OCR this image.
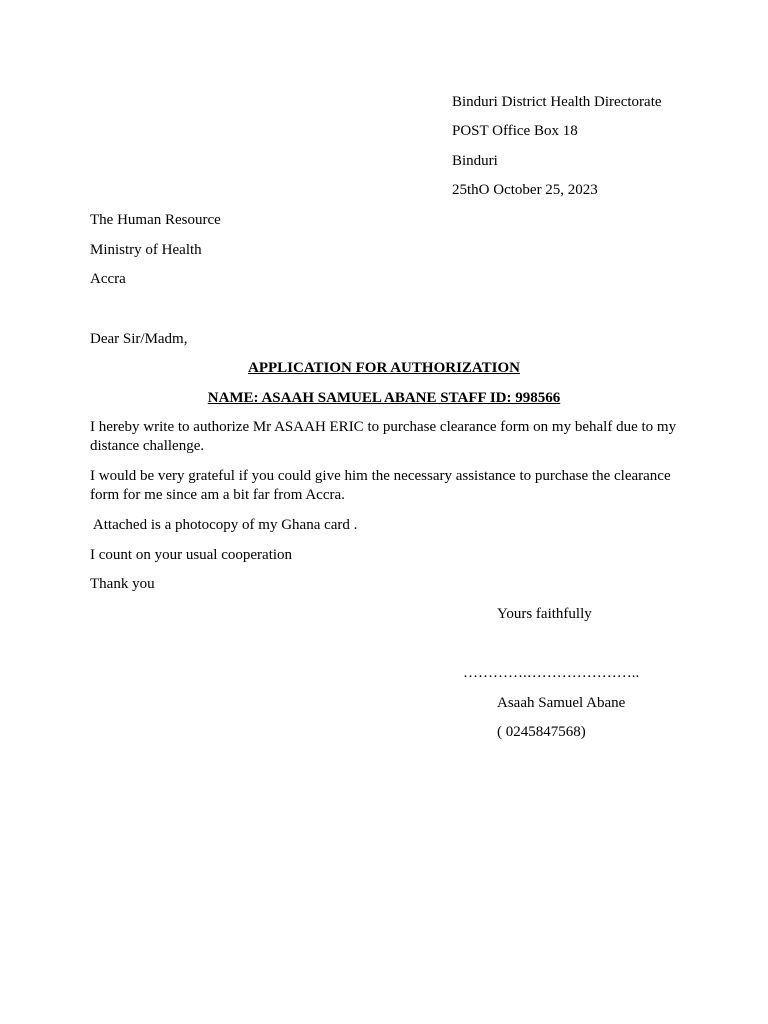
Binduri District Health Directorate
POST Office Box 18
Binduri
25thO October 25, 2023
The Human Resource
Ministry of Health
Accra
Dear Sir/Madm,
APPLICATION FOR AUTHORIZATION
NAME: ASAAH SAMUEL ABANE STAFF ID: 998566
I hereby write to authorize Mr ASAAH ERIC to purchase clearance form on my behalf due to my distance challenge.
I would be very grateful if you could give him the necessary assistance to purchase the clearance form for me since am a bit far from Accra.
Attached is a photocopy of my Ghana card .
I count on your usual cooperation
Thank you
Yours faithfully
………….…………………..
Asaah Samuel Abane
( 0245847568)
